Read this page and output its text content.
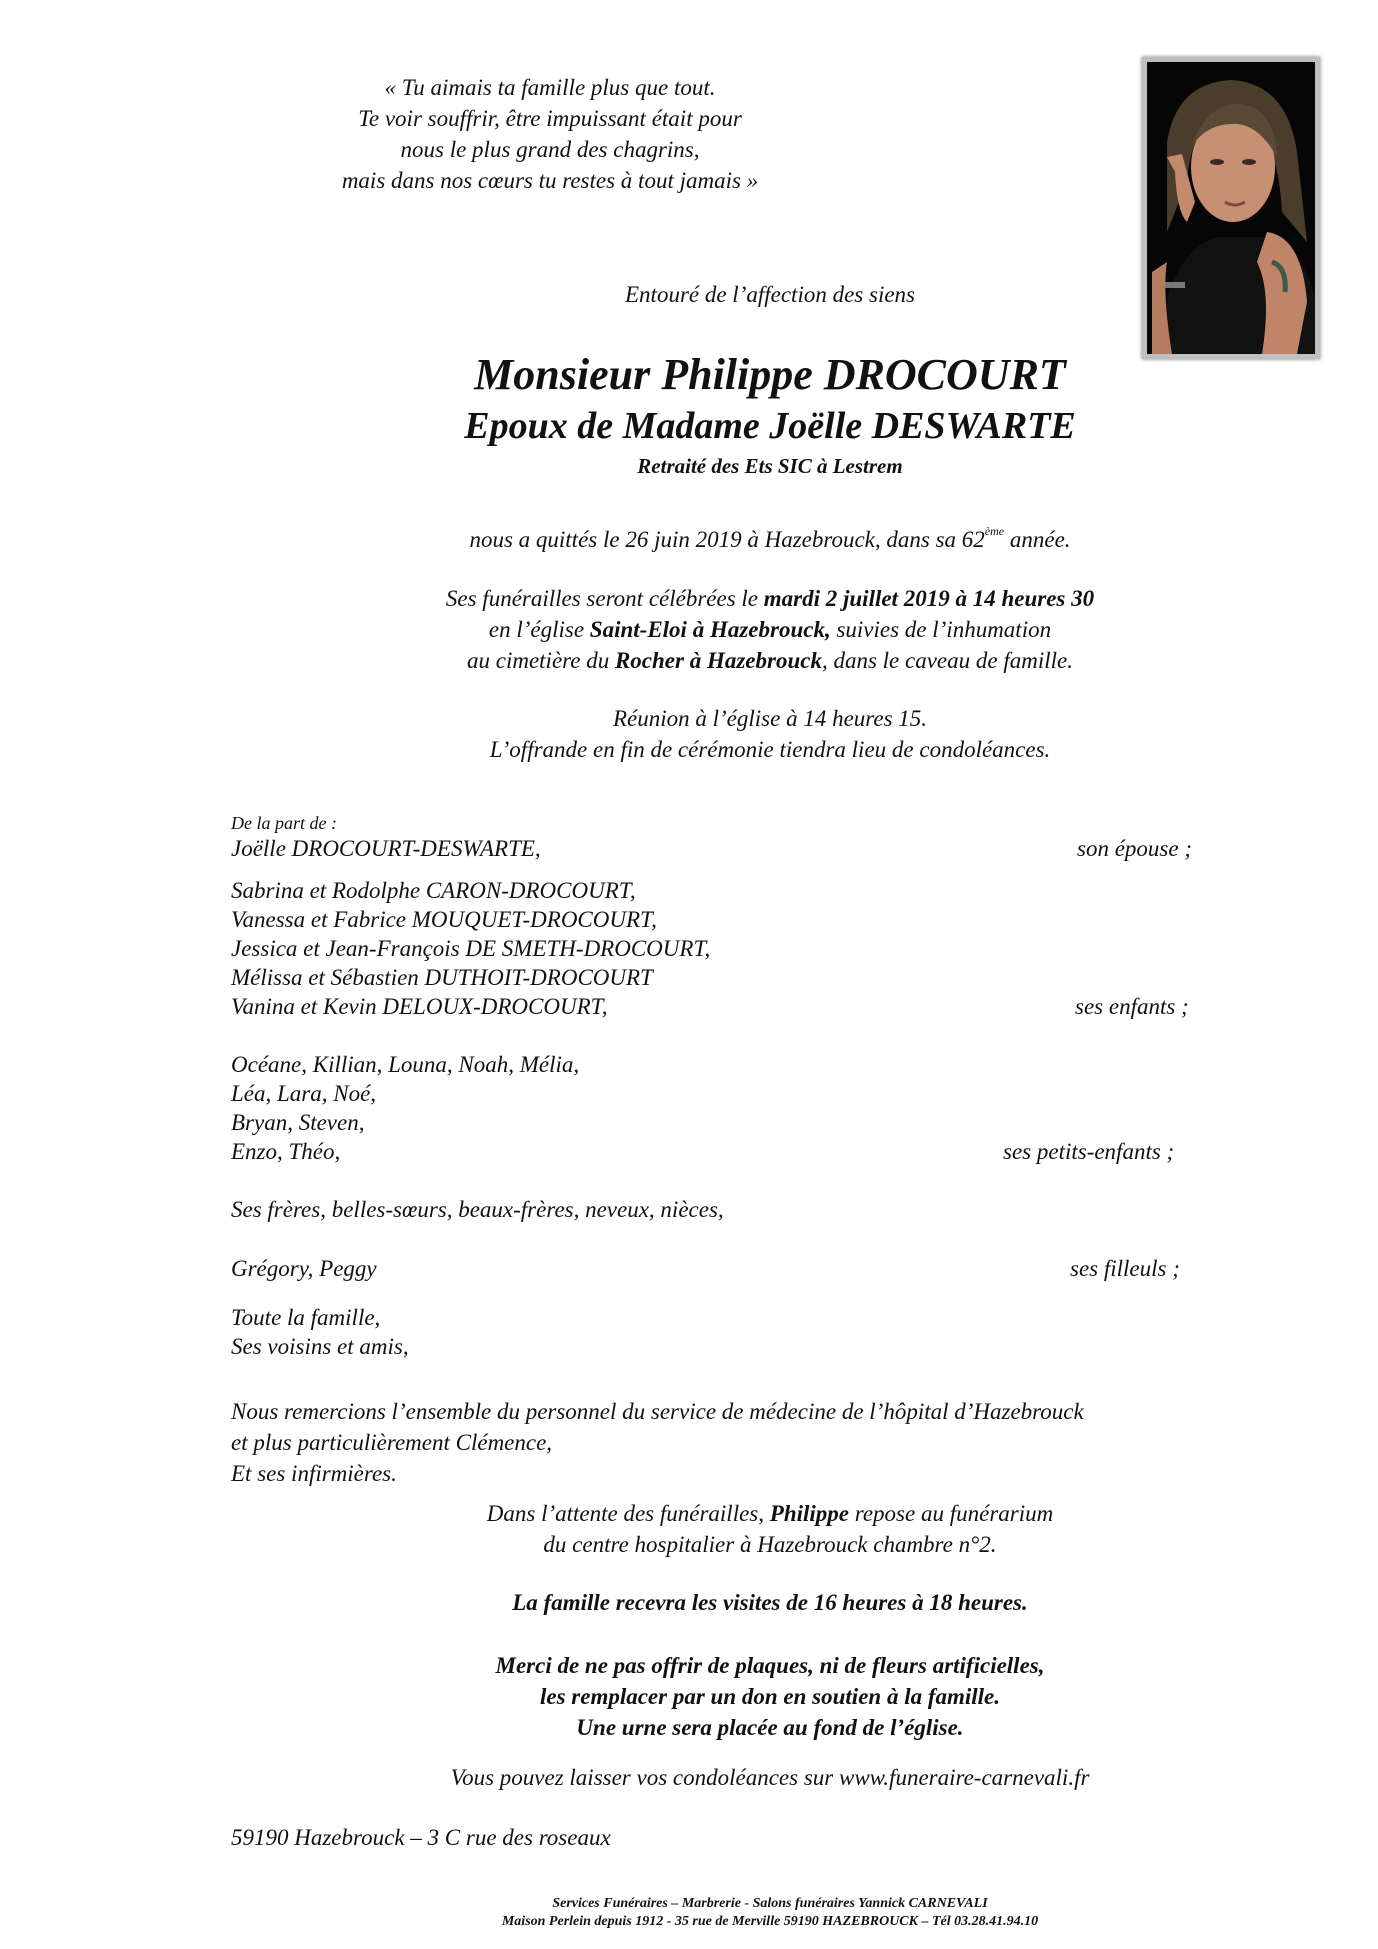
« Tu aimais ta famille plus que tout.
Te voir souffrir, être impuissant était pour
nous le plus grand des chagrins,
mais dans nos cœurs tu restes à tout jamais »
Entouré de l’affection des siens
Monsieur Philippe DROCOURT
Epoux de Madame Joëlle DESWARTE
Retraité des Ets SIC à Lestrem
nous a quittés le 26 juin 2019 à Hazebrouck, dans sa 62ème année.
Ses funérailles seront célébrées le mardi 2 juillet 2019 à 14 heures 30
en l’église Saint-Eloi à Hazebrouck, suivies de l’inhumation
au cimetière du Rocher à Hazebrouck, dans le caveau de famille.
Réunion à l’église à 14 heures 15.
L’offrande en fin de cérémonie tiendra lieu de condoléances.
De la part de :
Joëlle DROCOURT-DESWARTE,	son épouse ;
Sabrina et Rodolphe CARON-DROCOURT,
Vanessa et Fabrice MOUQUET-DROCOURT,
Jessica et Jean-François DE SMETH-DROCOURT,
Mélissa et Sébastien DUTHOIT-DROCOURT
Vanina et Kevin DELOUX-DROCOURT,	ses enfants ;
Océane, Killian, Louna, Noah, Mélia,
Léa, Lara, Noé,
Bryan, Steven,
Enzo, Théo,	ses petits-enfants ;
Ses frères, belles-sœurs, beaux-frères, neveux, nièces,
Grégory, Peggy	ses filleuls ;
Toute la famille,
Ses voisins et amis,
Nous remercions l’ensemble du personnel du service de médecine de l’hôpital d’Hazebrouck
et plus particulièrement Clémence,
Et ses infirmières.
Dans l’attente des funérailles, Philippe repose au funérarium
du centre hospitalier à Hazebrouck chambre n°2.
La famille recevra les visites de 16 heures à 18 heures.
Merci de ne pas offrir de plaques, ni de fleurs artificielles,
les remplacer par un don en soutien à la famille.
Une urne sera placée au fond de l’église.
Vous pouvez laisser vos condoléances sur www.funeraire-carnevali.fr
59190 Hazebrouck – 3 C rue des roseaux
Services Funéraires – Marbrerie - Salons funéraires Yannick CARNEVALI
Maison Perlein depuis 1912 - 35 rue de Merville 59190 HAZEBROUCK – Tél 03.28.41.94.10
